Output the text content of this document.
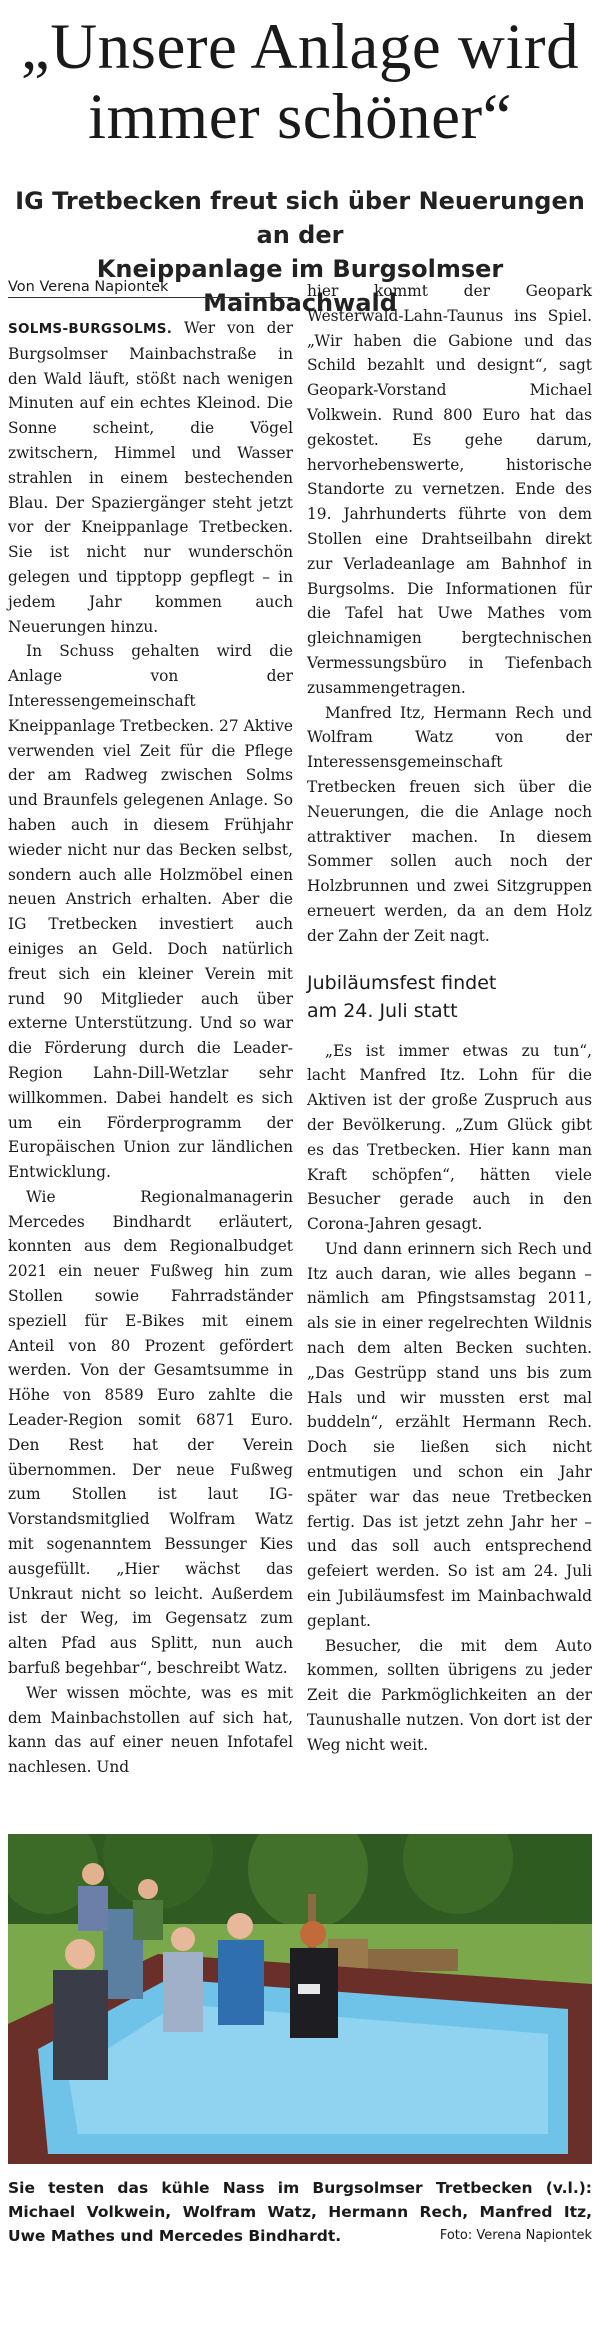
„Unsere Anlage wird
immer schöner“
IG Tretbecken freut sich über Neuerungen an der
Kneippanlage im Burgsolmser Mainbachwald
Von Verena Napiontek

SOLMS-BURGSOLMS. Wer von der Burgsolmser Mainbachstraße in den Wald läuft, stößt nach wenigen Minuten auf ein echtes Kleinod. Die Sonne scheint, die Vögel zwitschern, Himmel und Wasser strahlen in einem bestechenden Blau. Der Spaziergänger steht jetzt vor der Kneippanlage Tretbecken. Sie ist nicht nur wunderschön gelegen und tipptopp gepflegt – in jedem Jahr kommen auch Neuerungen hinzu.

In Schuss gehalten wird die Anlage von der Interessengemeinschaft Kneippanlage Tretbecken. 27 Aktive verwenden viel Zeit für die Pflege der am Radweg zwischen Solms und Braunfels gelegenen Anlage. So haben auch in diesem Frühjahr wieder nicht nur das Becken selbst, sondern auch alle Holzmöbel einen neuen Anstrich erhalten. Aber die IG Tretbecken investiert auch einiges an Geld. Doch natürlich freut sich ein kleiner Verein mit rund 90 Mitglieder auch über externe Unterstützung. Und so war die Förderung durch die Leader-Region Lahn-Dill-Wetzlar sehr willkommen. Dabei handelt es sich um ein Förderprogramm der Europäischen Union zur ländlichen Entwicklung.

Wie Regionalmanagerin Mercedes Bindhardt erläutert, konnten aus dem Regionalbudget 2021 ein neuer Fußweg hin zum Stollen sowie Fahrradständer speziell für E-Bikes mit einem Anteil von 80 Prozent gefördert werden. Von der Gesamtsumme in Höhe von 8589 Euro zahlte die Leader-Region somit 6871 Euro. Den Rest hat der Verein übernommen. Der neue Fußweg zum Stollen ist laut IG-Vorstandsmitglied Wolfram Watz mit sogenanntem Bessunger Kies ausgefüllt. „Hier wächst das Unkraut nicht so leicht. Außerdem ist der Weg, im Gegensatz zum alten Pfad aus Splitt, nun auch barfuß begehbar“, beschreibt Watz.

Wer wissen möchte, was es mit dem Mainbachstollen auf sich hat, kann das auf einer neuen Infotafel nachlesen. Und

hier kommt der Geopark Westerwald-Lahn-Taunus ins Spiel. „Wir haben die Gabione und das Schild bezahlt und designt“, sagt Geopark-Vorstand Michael Volkwein. Rund 800 Euro hat das gekostet. Es gehe darum, hervorhebenswerte, historische Standorte zu vernetzen. Ende des 19. Jahrhunderts führte von dem Stollen eine Drahtseilbahn direkt zur Verladeanlage am Bahnhof in Burgsolms. Die Informationen für die Tafel hat Uwe Mathes vom gleichnamigen bergtechnischen Vermessungsbüro in Tiefenbach zusammengetragen.

Manfred Itz, Hermann Rech und Wolfram Watz von der Interessensgemeinschaft Tretbecken freuen sich über die Neuerungen, die die Anlage noch attraktiver machen. In diesem Sommer sollen auch noch der Holzbrunnen und zwei Sitzgruppen erneuert werden, da an dem Holz der Zahn der Zeit nagt.

Jubiläumsfest findet
am 24. Juli statt

„Es ist immer etwas zu tun“, lacht Manfred Itz. Lohn für die Aktiven ist der große Zuspruch aus der Bevölkerung. „Zum Glück gibt es das Tretbecken. Hier kann man Kraft schöpfen“, hätten viele Besucher gerade auch in den Corona-Jahren gesagt.

Und dann erinnern sich Rech und Itz auch daran, wie alles begann – nämlich am Pfingstsamstag 2011, als sie in einer regelrechten Wildnis nach dem alten Becken suchten. „Das Gestrüpp stand uns bis zum Hals und wir mussten erst mal buddeln“, erzählt Hermann Rech. Doch sie ließen sich nicht entmutigen und schon ein Jahr später war das neue Tretbecken fertig. Das ist jetzt zehn Jahr her – und das soll auch entsprechend gefeiert werden. So ist am 24. Juli ein Jubiläumsfest im Mainbachwald geplant.

Besucher, die mit dem Auto kommen, sollten übrigens zu jeder Zeit die Parkmöglichkeiten an der Taunushalle nutzen. Von dort ist der Weg nicht weit.

Sie testen das kühle Nass im Burgsolmser Tretbecken (v.l.): Michael Volkwein, Wolfram Watz, Hermann Rech, Manfred Itz, Uwe Mathes und Mercedes Bindhardt.	Foto: Verena Napiontek
